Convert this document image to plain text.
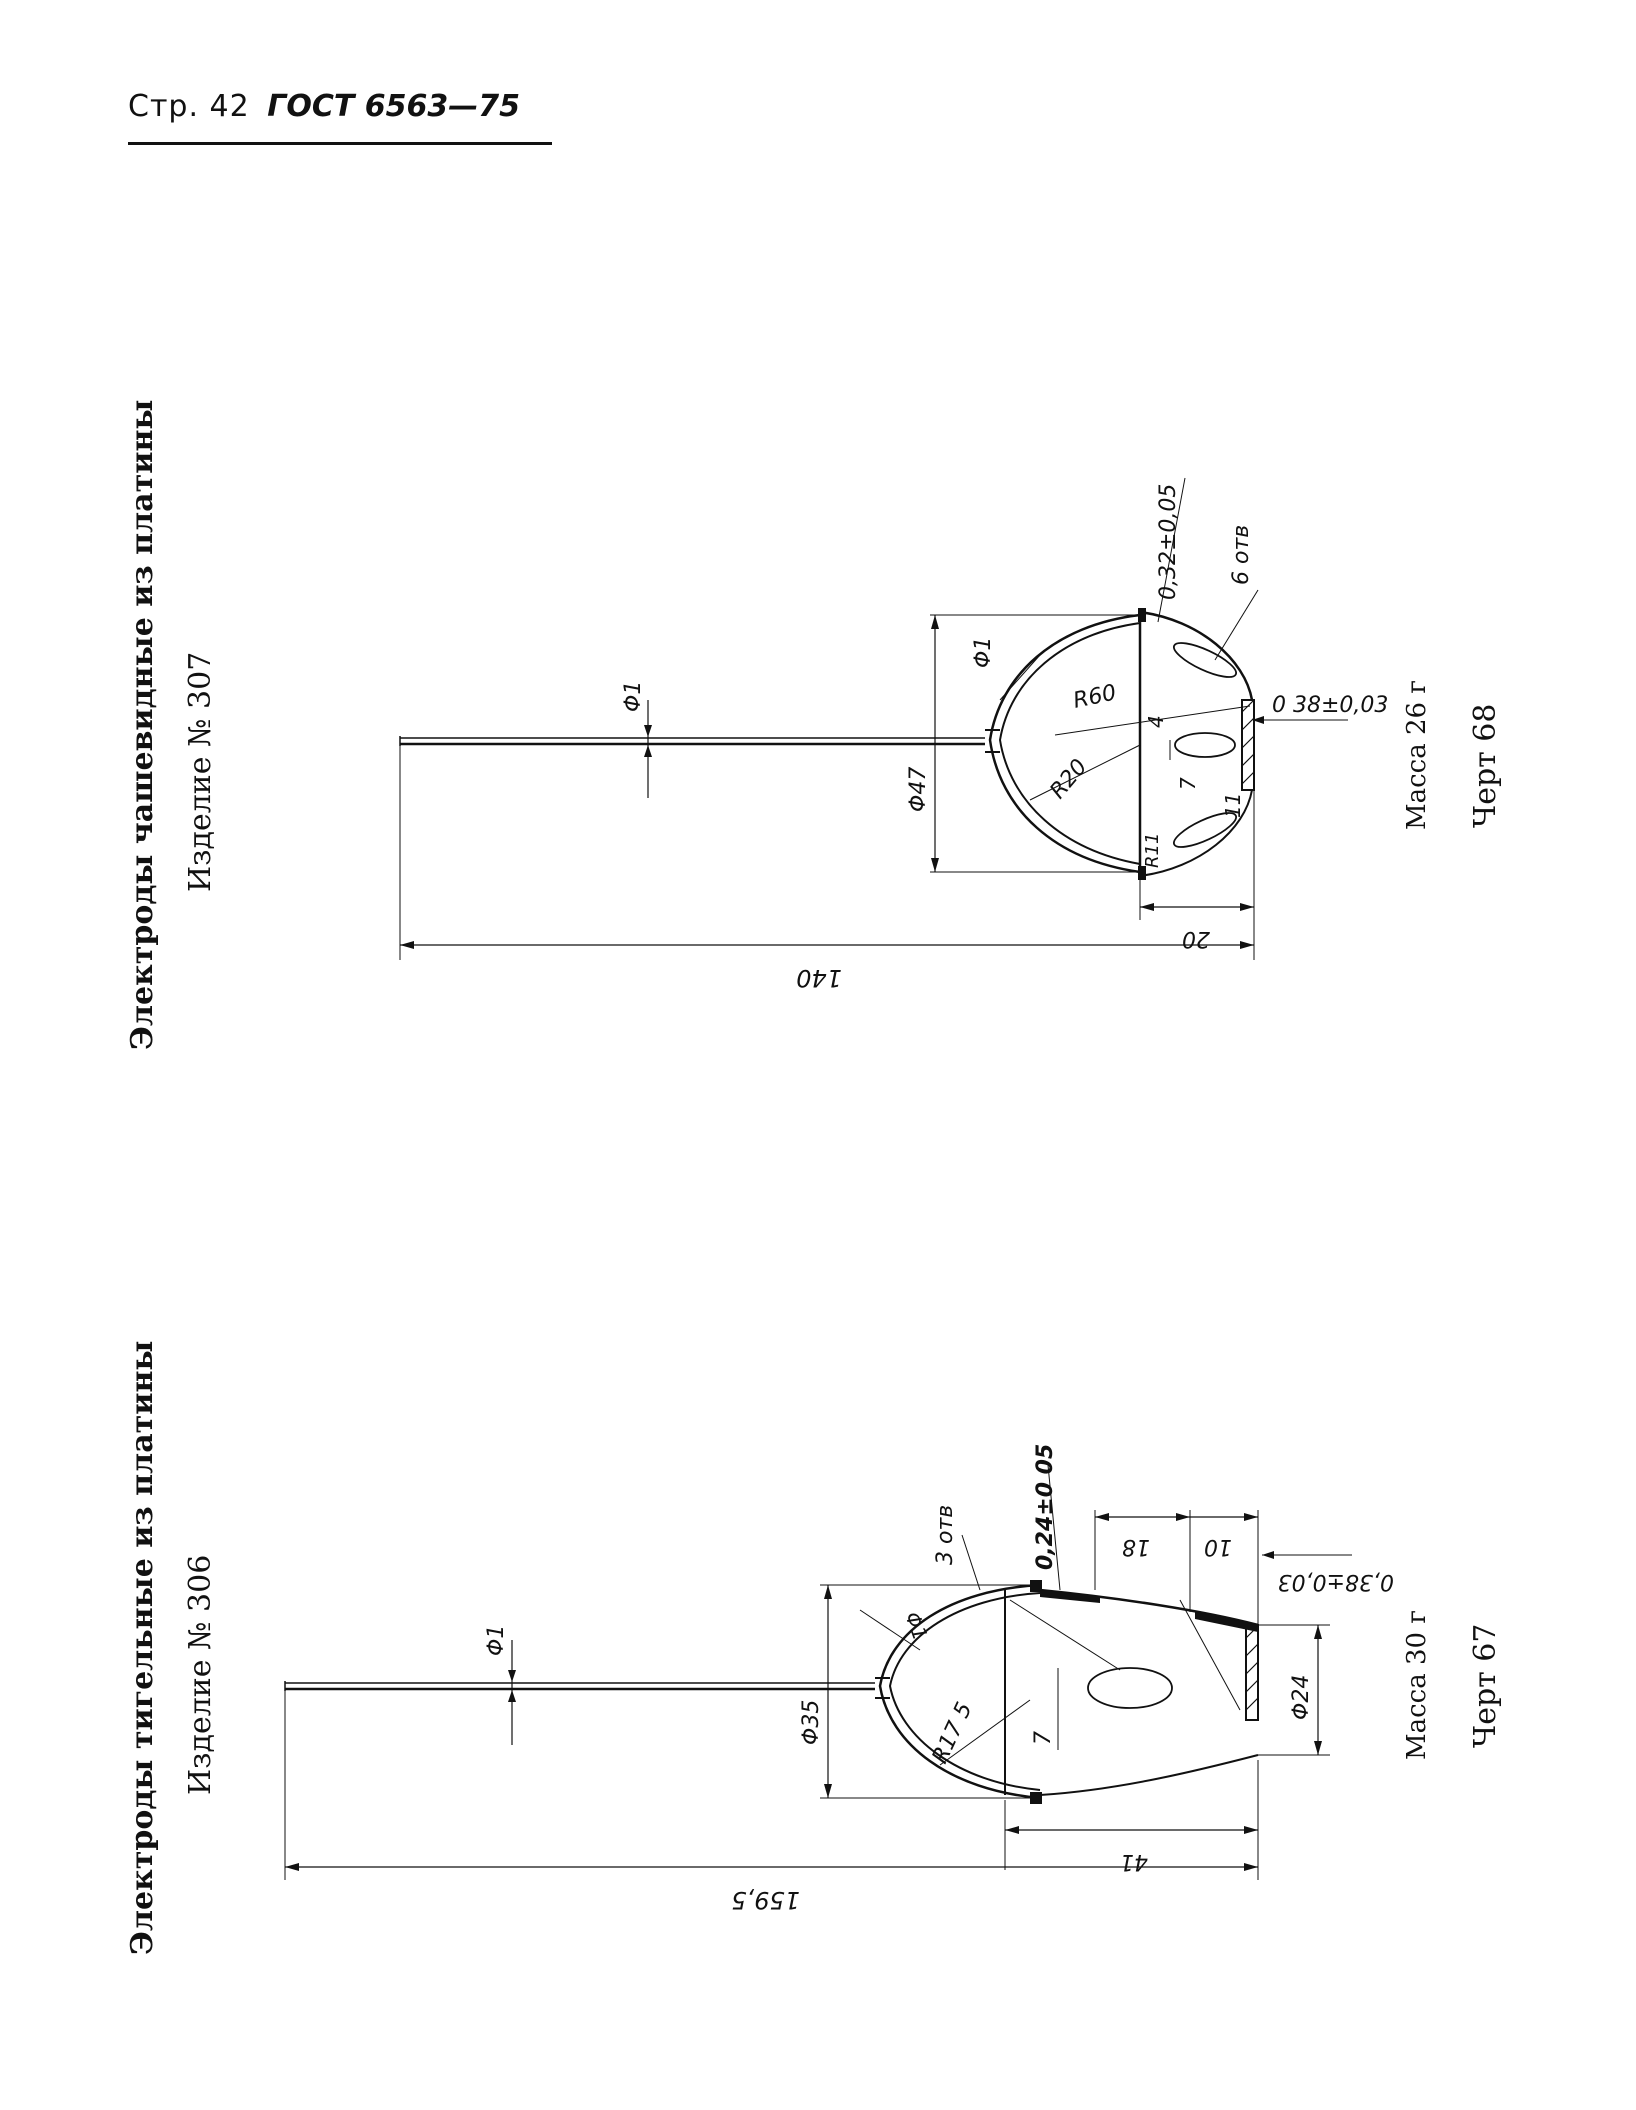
Стр. 42 ГОСТ 6563—75
Электроды чашевидные из платины Изделие № 307	Φ1
Φ47
Φ1
R60
R20
R11
4
7
11
0,32±0,05 6 отв
0 38±0,03
20
140
Масса 26 г Черт 68
Электроды тигельные из платины Изделие № 306	Φ1
Φ35
Φ1
R17 5
3 отв	0,24±0 05	18 10
0,38±0,03
Φ24
7
41
159,5
Масса 30 г Черт 67
